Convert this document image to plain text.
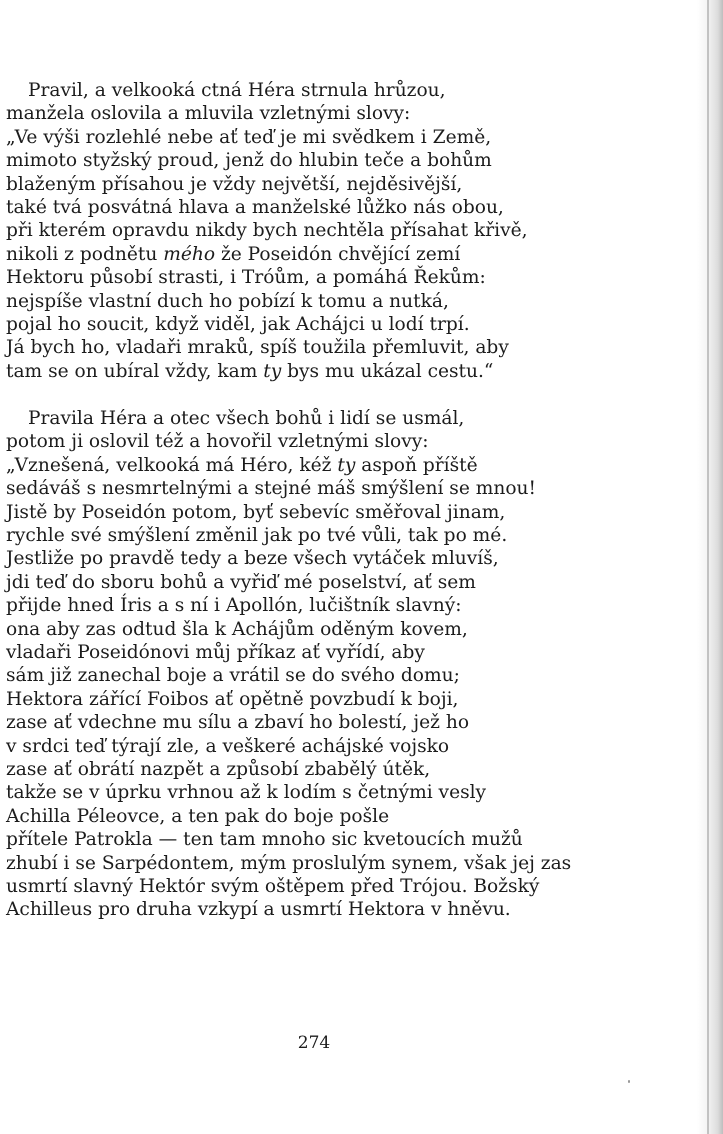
Pravil, a velkooká ctná Héra strnula hrůzou,
manžela oslovila a mluvila vzletnými slovy:
„Ve výši rozlehlé nebe ať teď je mi svědkem i Země,
mimoto styžský proud, jenž do hlubin teče a bohům
blaženým přísahou je vždy největší, nejděsivější,
také tvá posvátná hlava a manželské lůžko nás obou,
při kterém opravdu nikdy bych nechtěla přísahat křivě,
nikoli z podnětu mého že Poseidón chvějící zemí
Hektoru působí strasti, i Tróům, a pomáhá Řekům:
nejspíše vlastní duch ho pobízí k tomu a nutká,
pojal ho soucit, když viděl, jak Achájci u lodí trpí.
Já bych ho, vladaři mraků, spíš toužila přemluvit, aby
tam se on ubíral vždy, kam ty bys mu ukázal cestu.“
Pravila Héra a otec všech bohů i lidí se usmál,
potom ji oslovil též a hovořil vzletnými slovy:
„Vznešená, velkooká má Héro, kéž ty aspoň příště
sedáváš s nesmrtelnými a stejné máš smýšlení se mnou!
Jistě by Poseidón potom, byť sebevíc směřoval jinam,
rychle své smýšlení změnil jak po tvé vůli, tak po mé.
Jestliže po pravdě tedy a beze všech vytáček mluvíš,
jdi teď do sboru bohů a vyřiď mé poselství, ať sem
přijde hned Íris a s ní i Apollón, lučištník slavný:
ona aby zas odtud šla k Achájům oděným kovem,
vladaři Poseidónovi můj příkaz ať vyřídí, aby
sám již zanechal boje a vrátil se do svého domu;
Hektora zářící Foibos ať opětně povzbudí k boji,
zase ať vdechne mu sílu a zbaví ho bolestí, jež ho
v srdci teď týrají zle, a veškeré achájské vojsko
zase ať obrátí nazpět a způsobí zbabělý útěk,
takže se v úprku vrhnou až k lodím s četnými vesly
Achilla Péleovce, a ten pak do boje pošle
přítele Patrokla — ten tam mnoho sic kvetoucích mužů
zhubí i se Sarpédontem, mým proslulým synem, však jej zas
usmrtí slavný Hektór svým oštěpem před Trójou. Božský
Achilleus pro druha vzkypí a usmrtí Hektora v hněvu.
274
